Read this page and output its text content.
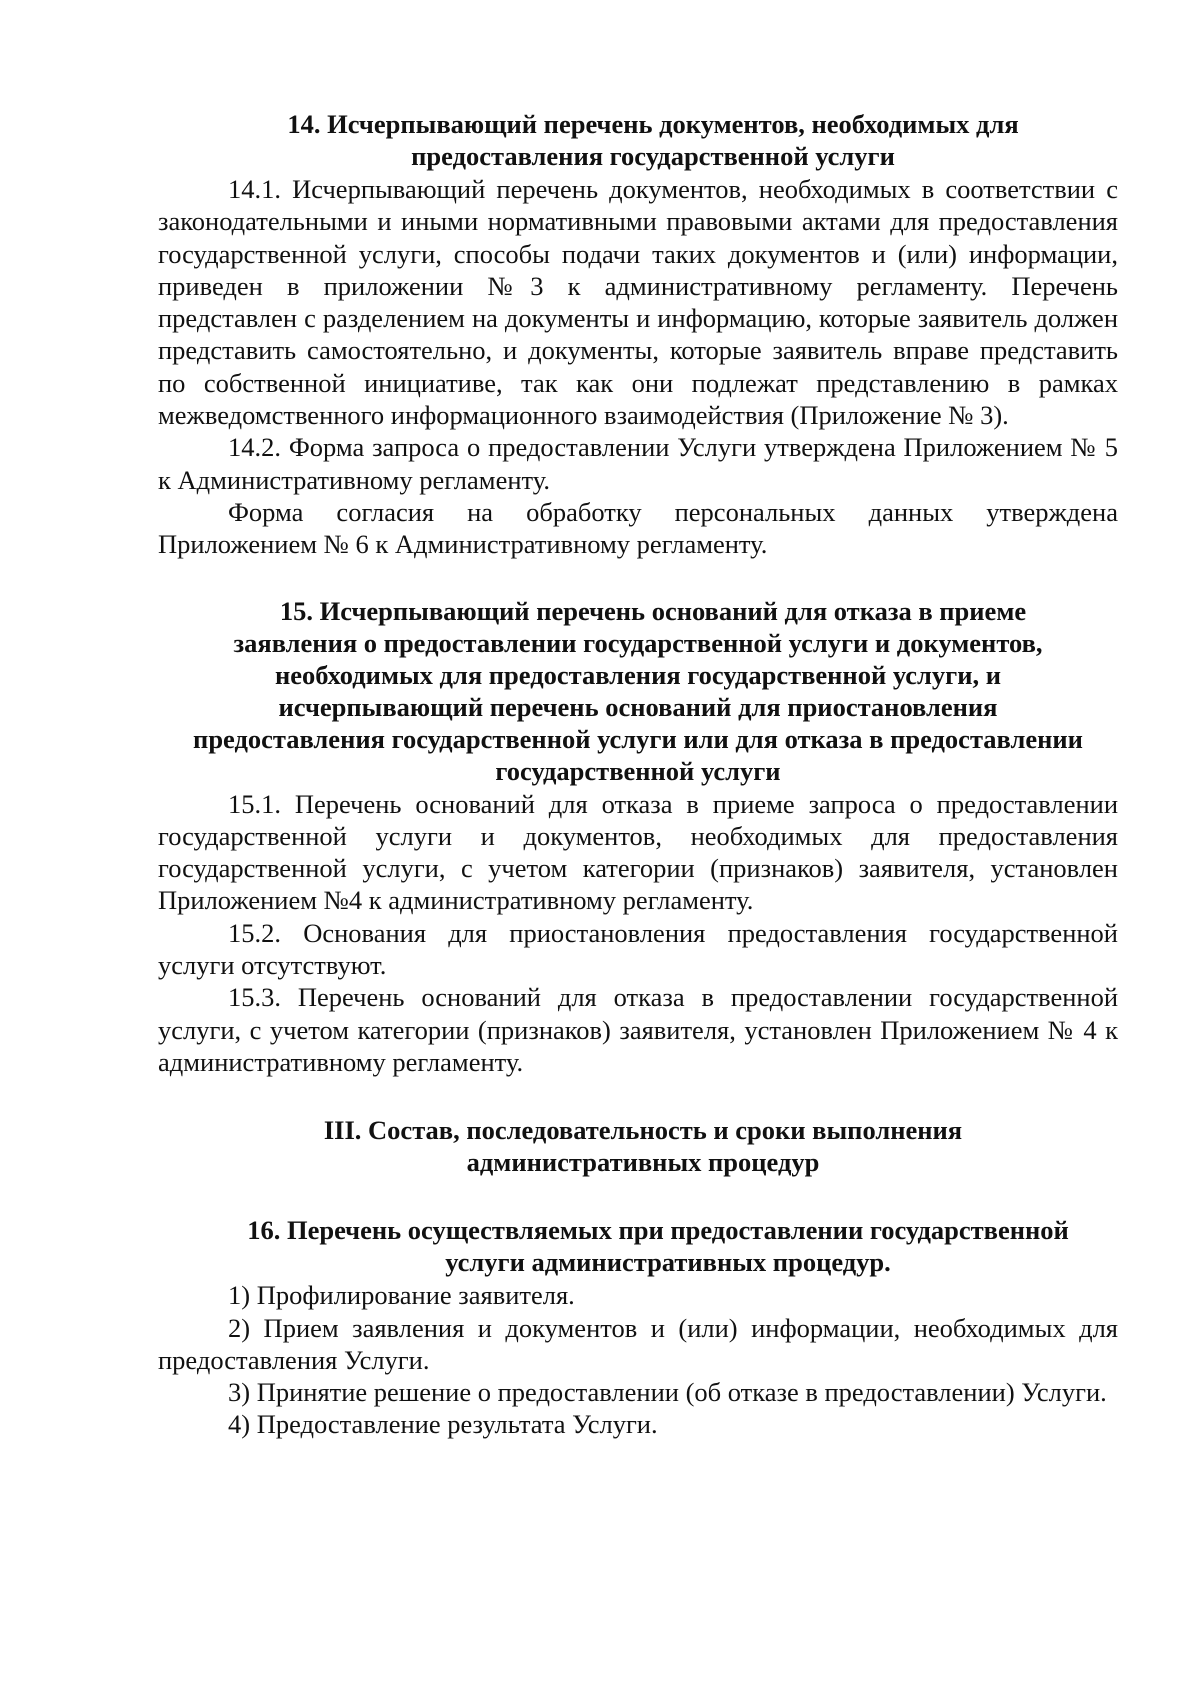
14. Исчерпывающий перечень документов, необходимых для
предоставления государственной услуги

14.1. Исчерпывающий перечень документов, необходимых в соответствии с законодательными и иными нормативными правовыми актами для предоставления государственной услуги, способы подачи таких документов и (или) информации, приведен в приложении №3 к административному регламенту. Перечень представлен с разделением на документы и информацию, которые заявитель должен представить самостоятельно, и документы, которые заявитель вправе представить по собственной инициативе, так как они подлежат представлению в рамках межведомственного информационного взаимодействия (Приложение № 3).

14.2. Форма запроса о предоставлении Услуги утверждена Приложением № 5 к Административному регламенту.

Форма согласия на обработку персональных данных утверждена Приложением № 6 к Административному регламенту.

15. Исчерпывающий перечень оснований для отказа в приеме
заявления о предоставлении государственной услуги и документов,
необходимых для предоставления государственной услуги, и
исчерпывающий перечень оснований для приостановления
предоставления государственной услуги или для отказа в предоставлении
государственной услуги

15.1. Перечень оснований для отказа в приеме запроса о предоставлении государственной услуги и документов, необходимых для предоставления государственной услуги, с учетом категории (признаков) заявителя, установлен Приложением №4 к административному регламенту.

15.2. Основания для приостановления предоставления государственной услуги отсутствуют.

15.3. Перечень оснований для отказа в предоставлении государственной услуги, с учетом категории (признаков) заявителя, установлен Приложением № 4 к административному регламенту.

III. Состав, последовательность и сроки выполнения
административных процедур
16. Перечень осуществляемых при предоставлении государственной
услуги административных процедур.

1) Профилирование заявителя.

2) Прием заявления и документов и (или) информации, необходимых для предоставления Услуги.

3) Принятие решение о предоставлении (об отказе в предоставлении) Услуги.

4) Предоставление результата Услуги.
